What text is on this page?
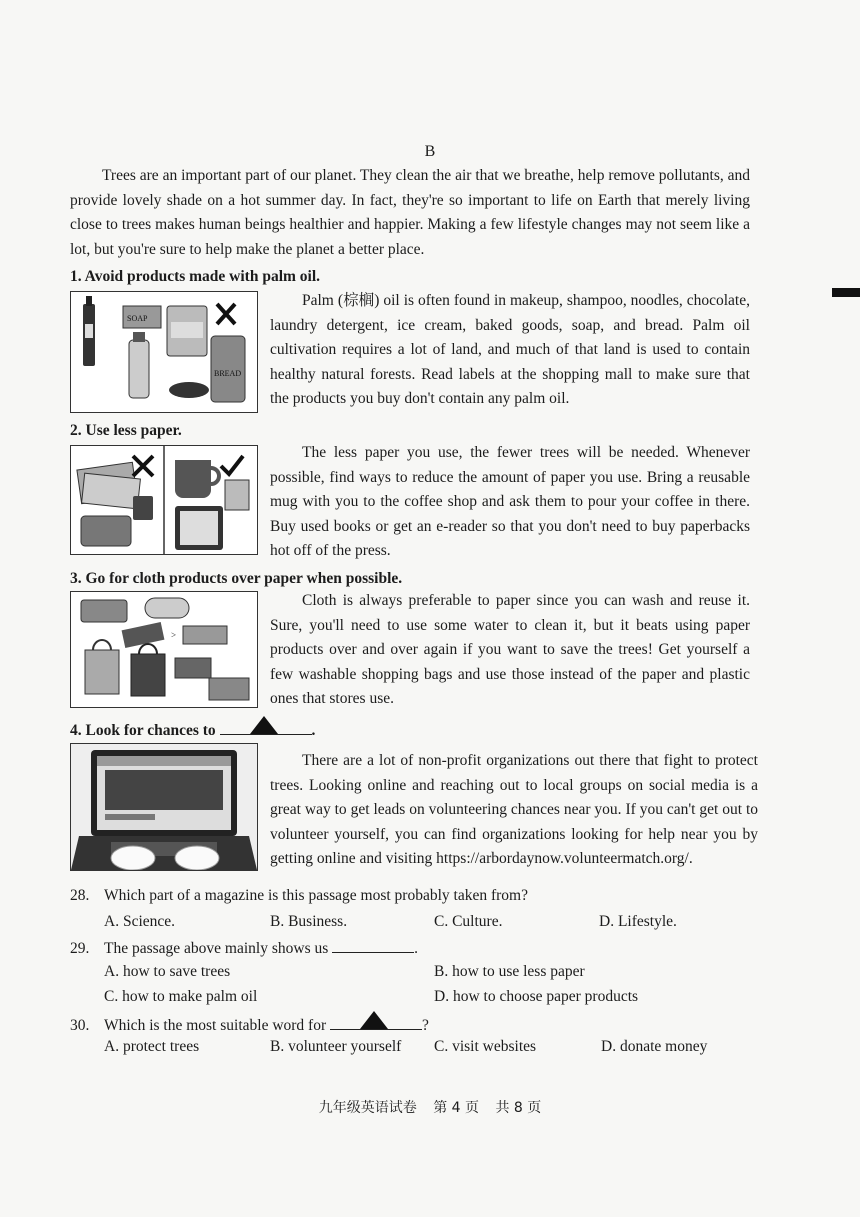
B

Trees are an important part of our planet. They clean the air that we breathe, help remove pollutants, and provide lovely shade on a hot summer day. In fact, they're so important to life on Earth that merely living close to trees makes human beings healthier and happier. Making a few lifestyle changes may not seem like a lot, but you're sure to help make the planet a better place.

1. Avoid products made with palm oil.
SOAP
BREAD

Palm (棕榈) oil is often found in makeup, shampoo, noodles, chocolate, laundry detergent, ice cream, baked goods, soap, and bread. Palm oil cultivation requires a lot of land, and much of that land is used to contain healthy natural forests. Read labels at the shopping mall to make sure that the products you buy don't contain any palm oil.

2. Use less paper.

The less paper you use, the fewer trees will be needed. Whenever possible, find ways to reduce the amount of paper you use. Bring a reusable mug with you to the coffee shop and ask them to pour your coffee in there. Buy used books or get an e-reader so that you don't need to buy paperbacks hot off of the press.

3. Go for cloth products over paper when possible.
>

Cloth is always preferable to paper since you can wash and reuse it. Sure, you'll need to use some water to clean it, but it beats using paper products over and over again if you want to save the trees! Get yourself a few washable shopping bags and use those instead of the paper and plastic ones that stores use.

4. Look for chances to	.

There are a lot of non-profit organizations out there that fight to protect trees. Looking online and reaching out to local groups on social media is a great way to get leads on volunteering chances near you. If you can't get out to volunteer yourself, you can find organizations looking for help near you by getting online and visiting https://arbordaynow.volunteermatch.org/.

28. Which part of a magazine is this passage most probably taken from?
A. Science.	B. Business.	C. Culture.	D. Lifestyle.
29. The passage above mainly shows us	.
A. how to save trees	B. how to use less paper
C. how to make palm oil	D. how to choose paper products
30. Which is the most suitable word for	?
A. protect trees	B. volunteer yourself C. visit websites	D. donate money
九年级英语试卷 第 4 页 共 8 页
